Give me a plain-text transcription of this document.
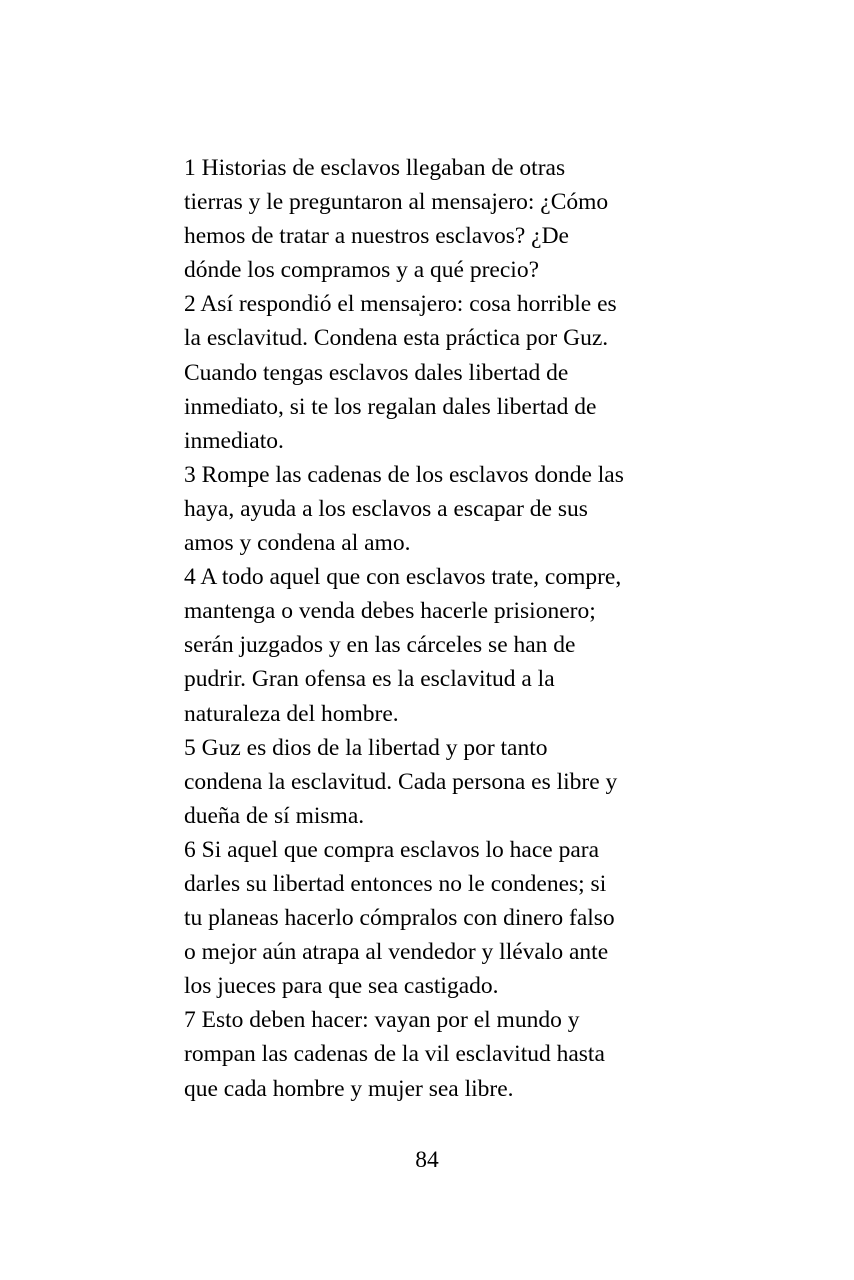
1 Historias de esclavos llegaban de otras
tierras y le preguntaron al mensajero: ¿Cómo
hemos de tratar a nuestros esclavos? ¿De
dónde los compramos y a qué precio?
2 Así respondió el mensajero: cosa horrible es
la esclavitud. Condena esta práctica por Guz.
Cuando tengas esclavos dales libertad de
inmediato, si te los regalan dales libertad de
inmediato.
3 Rompe las cadenas de los esclavos donde las
haya, ayuda a los esclavos a escapar de sus
amos y condena al amo.
4 A todo aquel que con esclavos trate, compre,
mantenga o venda debes hacerle prisionero;
serán juzgados y en las cárceles se han de
pudrir. Gran ofensa es la esclavitud a la
naturaleza del hombre.
5 Guz es dios de la libertad y por tanto
condena la esclavitud. Cada persona es libre y
dueña de sí misma.
6 Si aquel que compra esclavos lo hace para
darles su libertad entonces no le condenes; si
tu planeas hacerlo cómpralos con dinero falso
o mejor aún atrapa al vendedor y llévalo ante
los jueces para que sea castigado.
7 Esto deben hacer: vayan por el mundo y
rompan las cadenas de la vil esclavitud hasta
que cada hombre y mujer sea libre.
84
